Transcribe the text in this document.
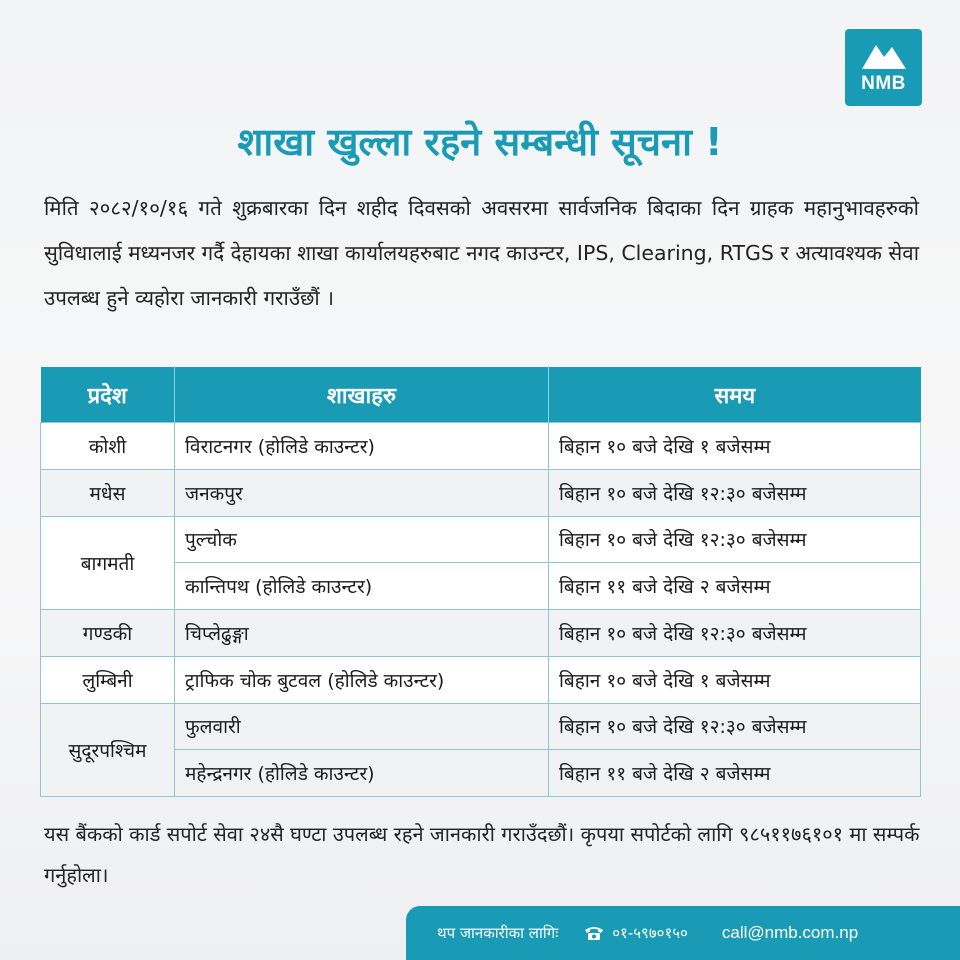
NMB
शाखा खुल्ला रहने सम्बन्धी सूचना !

मिति २०८२/१०/१६ गते शुक्रबारका दिन शहीद दिवसको अवसरमा सार्वजनिक बिदाका दिन ग्राहक महानुभावहरुको सुविधालाई मध्यनजर गर्दै देहायका शाखा कार्यालयहरुबाट नगद काउन्टर, IPS, Clearing, RTGS र अत्यावश्यक सेवा उपलब्ध हुने व्यहोरा जानकारी गराउँछौं ।

प्रदेश	शाखाहरु	समय
कोशी	विराटनगर (होलिडे काउन्टर)	बिहान १० बजे देखि १ बजेसम्म
मधेस	जनकपुर	बिहान १० बजे देखि १२:३० बजेसम्म
बागमती	पुल्चोक	बिहान १० बजे देखि १२:३० बजेसम्म
	कान्तिपथ (होलिडे काउन्टर)	बिहान ११ बजे देखि २ बजेसम्म
गण्डकी	चिप्लेढुङ्गा	बिहान १० बजे देखि १२:३० बजेसम्म
लुम्बिनी	ट्राफिक चोक बुटवल (होलिडे काउन्टर)	बिहान १० बजे देखि १ बजेसम्म
सुदूरपश्चिम	फुलवारी	बिहान १० बजे देखि १२:३० बजेसम्म
	महेन्द्रनगर (होलिडे काउन्टर)	बिहान ११ बजे देखि २ बजेसम्म

यस बैंकको कार्ड सपोर्ट सेवा २४सै घण्टा उपलब्ध रहने जानकारी गराउँदछौं। कृपया सपोर्टको लागि ९८५११७६१०१ मा सम्पर्क गर्नुहोला।

थप जानकारीका लागिः	०१-५९७०१५० call@nmb.com.np
